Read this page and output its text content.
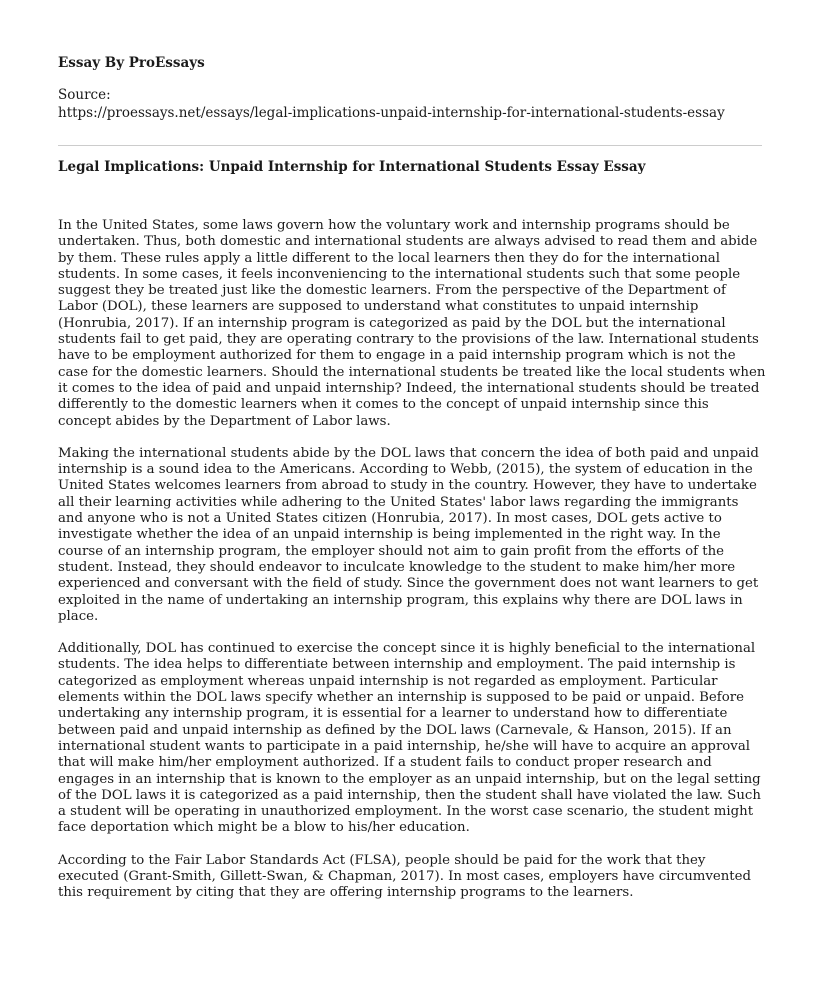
Essay By ProEssays
Source:
https://proessays.net/essays/legal-implications-unpaid-internship-for-international-students-essay
Legal Implications: Unpaid Internship for International Students Essay Essay

In the United States, some laws govern how the voluntary work and internship programs should be undertaken. Thus, both domestic and international students are always advised to read them and abide by them. These rules apply a little different to the local learners then they do for the international students. In some cases, it feels inconveniencing to the international students such that some people suggest they be treated just like the domestic learners. From the perspective of the Department of Labor (DOL), these learners are supposed to understand what constitutes to unpaid internship (Honrubia, 2017). If an internship program is categorized as paid by the DOL but the international students fail to get paid, they are operating contrary to the provisions of the law. International students have to be employment authorized for them to engage in a paid internship program which is not the case for the domestic learners. Should the international students be treated like the local students when it comes to the idea of paid and unpaid internship? Indeed, the international students should be treated differently to the domestic learners when it comes to the concept of unpaid internship since this concept abides by the Department of Labor laws.

Making the international students abide by the DOL laws that concern the idea of both paid and unpaid internship is a sound idea to the Americans. According to Webb, (2015), the system of education in the United States welcomes learners from abroad to study in the country. However, they have to undertake all their learning activities while adhering to the United States' labor laws regarding the immigrants and anyone who is not a United States citizen (Honrubia, 2017). In most cases, DOL gets active to investigate whether the idea of an unpaid internship is being implemented in the right way. In the course of an internship program, the employer should not aim to gain profit from the efforts of the student. Instead, they should endeavor to inculcate knowledge to the student to make him/her more experienced and conversant with the field of study. Since the government does not want learners to get exploited in the name of undertaking an internship program, this explains why there are DOL laws in place.

Additionally, DOL has continued to exercise the concept since it is highly beneficial to the international students. The idea helps to differentiate between internship and employment. The paid internship is categorized as employment whereas unpaid internship is not regarded as employment. Particular elements within the DOL laws specify whether an internship is supposed to be paid or unpaid. Before undertaking any internship program, it is essential for a learner to understand how to differentiate between paid and unpaid internship as defined by the DOL laws (Carnevale, & Hanson, 2015). If an international student wants to participate in a paid internship, he/she will have to acquire an approval that will make him/her employment authorized. If a student fails to conduct proper research and engages in an internship that is known to the employer as an unpaid internship, but on the legal setting of the DOL laws it is categorized as a paid internship, then the student shall have violated the law. Such a student will be operating in unauthorized employment. In the worst case scenario, the student might face deportation which might be a blow to his/her education.

According to the Fair Labor Standards Act (FLSA), people should be paid for the work that they executed (Grant-Smith, Gillett-Swan, & Chapman, 2017). In most cases, employers have circumvented this requirement by citing that they are offering internship programs to the learners.
